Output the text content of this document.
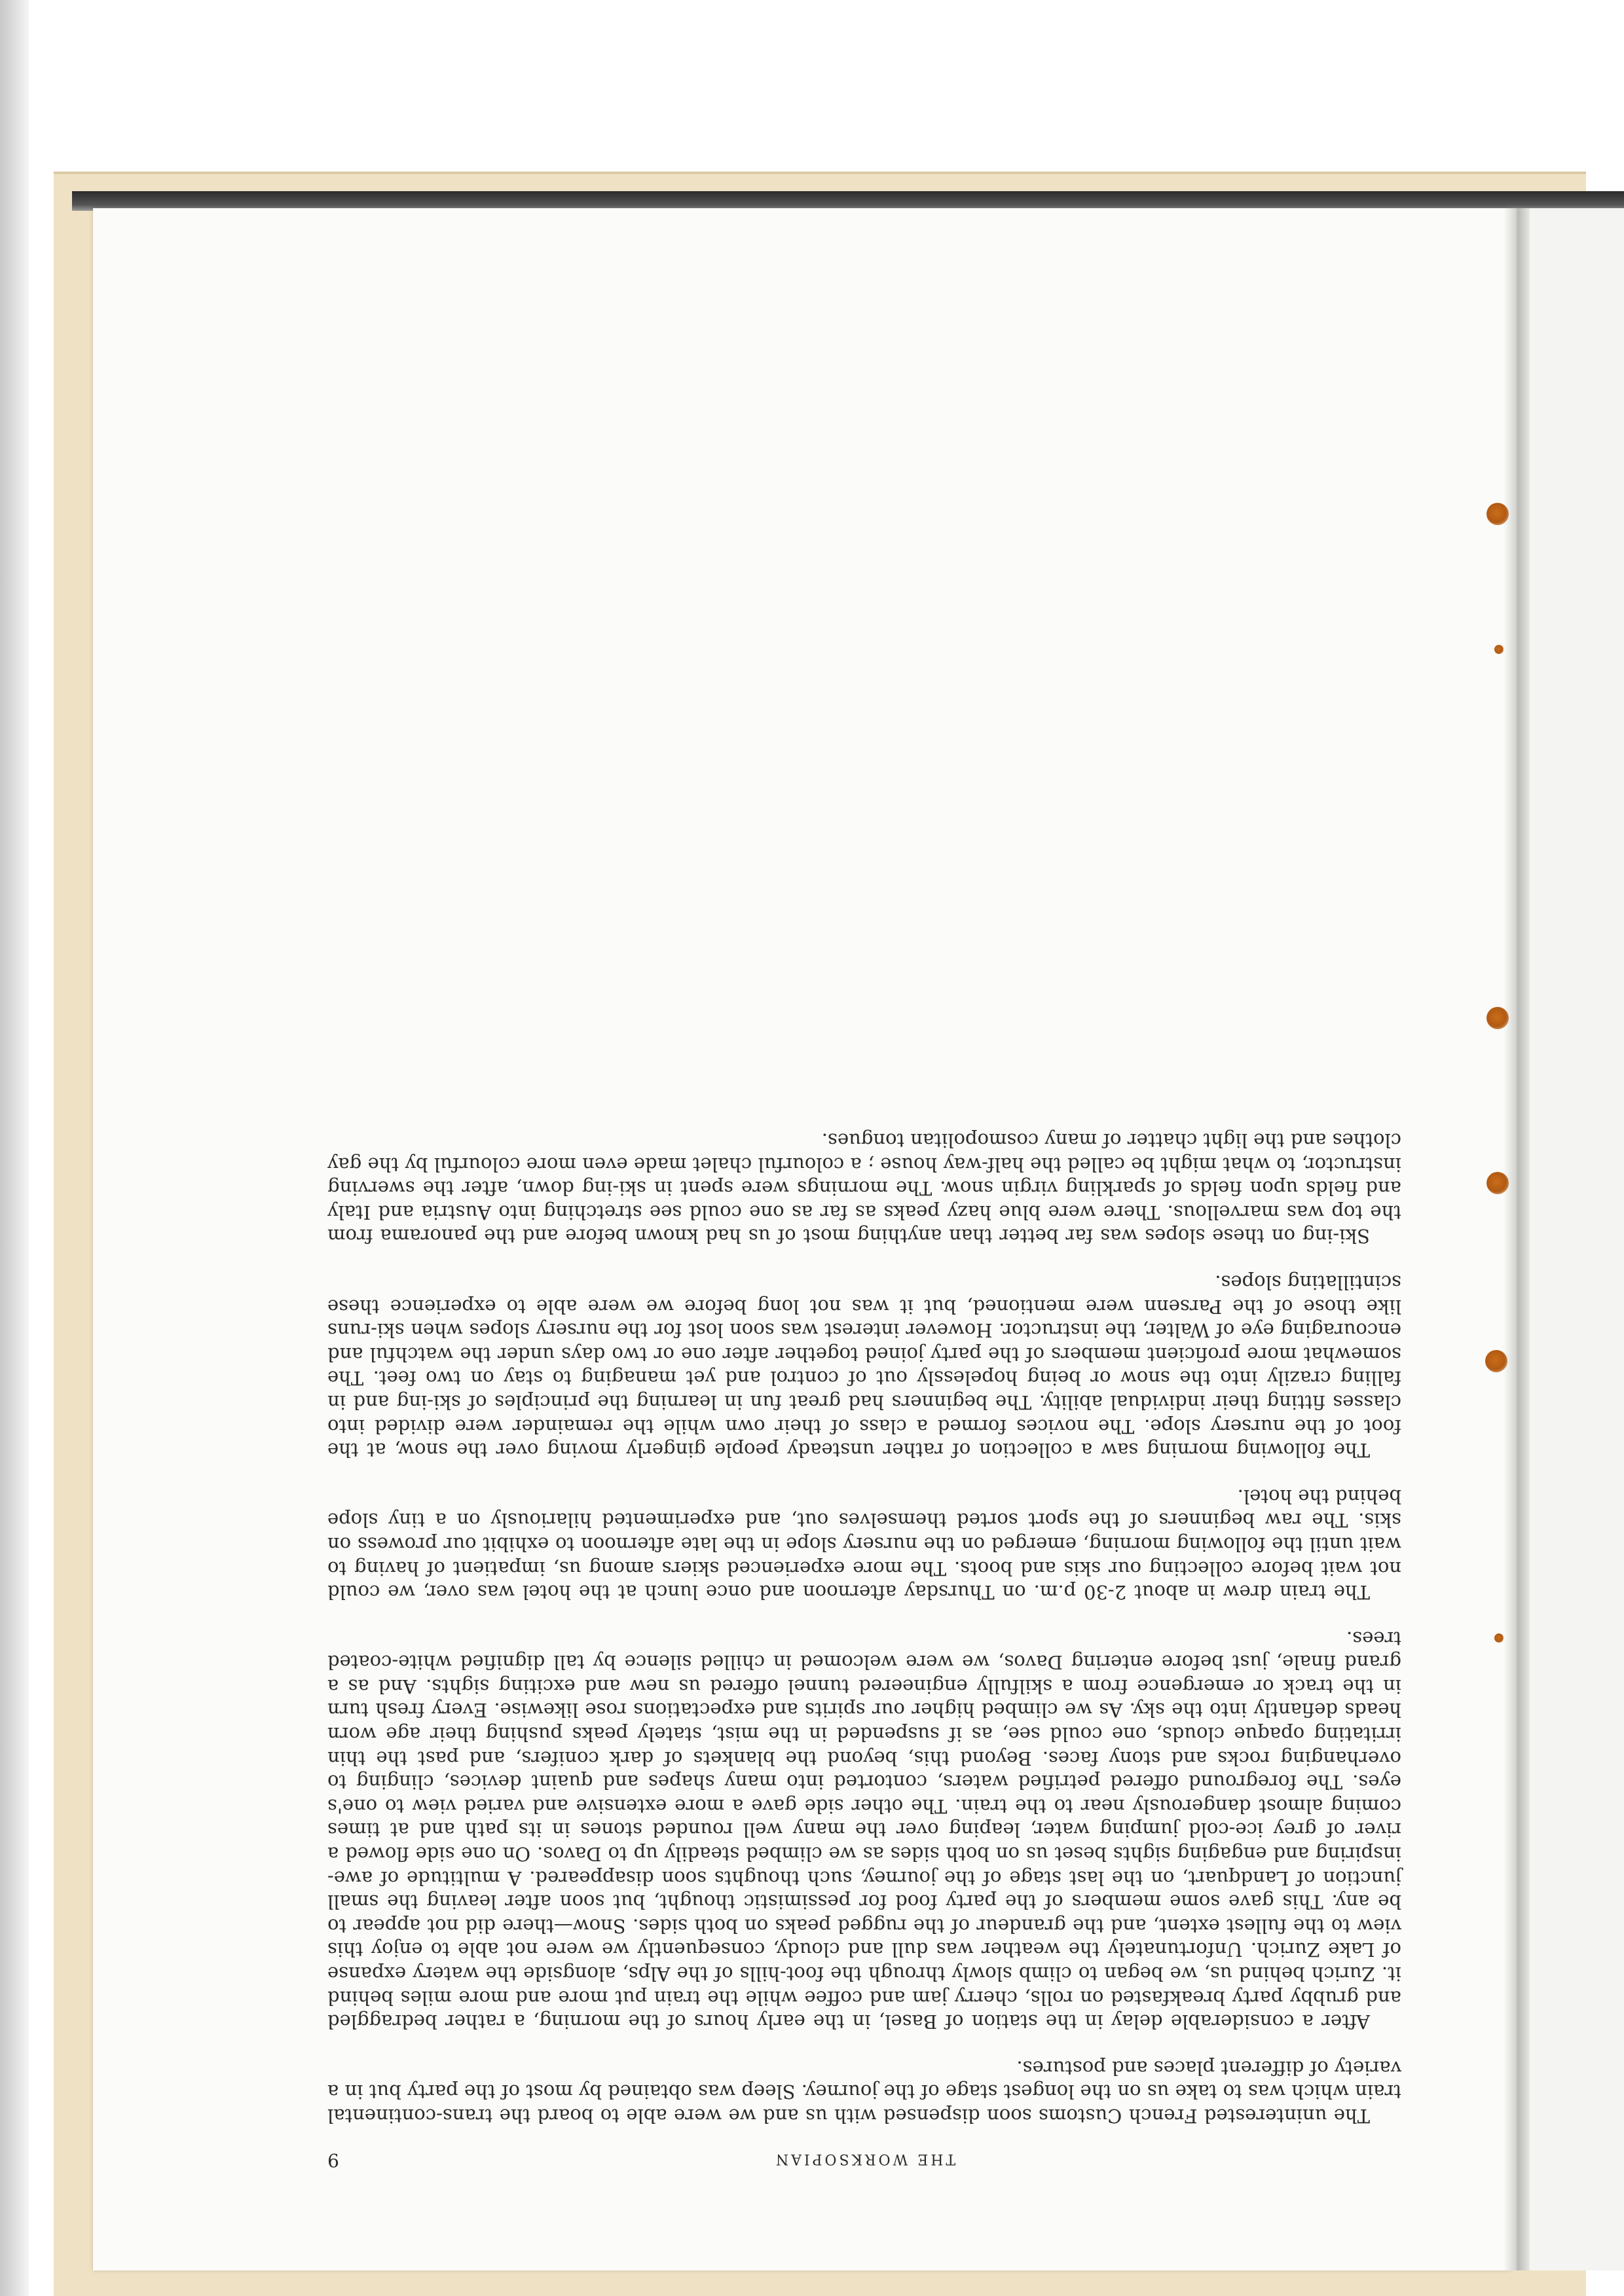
THE WORKSOPIAN
9

The uninterested French Customs soon dispensed with us and we were able to board the trans-continental train which was to take us on the longest stage of the journey. Sleep was obtained by most of the party but in a variety of different places and postures.

After a considerable delay in the station of Basel, in the early hours of the morning, a rather bedraggled and grubby party breakfasted on rolls, cherry jam and coffee while the train put more and more miles behind it. Zurich behind us, we began to climb slowly through the foot-hills of the Alps, alongside the watery expanse of Lake Zurich. Unfortunately the weather was dull and cloudy, consequently we were not able to enjoy this view to the fullest extent, and the grandeur of the rugged peaks on both sides. Snow—there did not appear to be any. This gave some members of the party food for pessimistic thought, but soon after leaving the small junction of Landquart, on the last stage of the journey, such thoughts soon disappeared. A multitude of awe-inspiring and engaging sights beset us on both sides as we climbed steadily up to Davos. On one side flowed a river of grey ice-cold jumping water, leaping over the many well rounded stones in its path and at times coming almost dangerously near to the train. The other side gave a more extensive and varied view to one's eyes. The foreground offered petrified waters, contorted into many shapes and quaint devices, clinging to overhanging rocks and stony faces. Beyond this, beyond the blankets of dark conifers, and past the thin irritating opaque clouds, one could see, as if suspended in the mist, stately peaks pushing their age worn heads defiantly into the sky. As we climbed higher our spirits and expectations rose likewise. Every fresh turn in the track or emergence from a skilfully engineered tunnel offered us new and exciting sights. And as a grand finale, just before entering Davos, we were welcomed in chilled silence by tall dignified white-coated trees.

The train drew in about 2-30 p.m. on Thursday afternoon and once lunch at the hotel was over, we could not wait before collecting our skis and boots. The more experienced skiers among us, impatient of having to wait until the following morning, emerged on the nursery slope in the late afternoon to exhibit our prowess on skis. The raw beginners of the sport sorted themselves out, and experimented hilariously on a tiny slope behind the hotel.

The following morning saw a collection of rather unsteady people gingerly moving over the snow, at the foot of the nursery slope. The novices formed a class of their own while the remainder were divided into classes fitting their individual ability. The beginners had great fun in learning the principles of ski-ing and in falling crazily into the snow or being hopelessly out of control and yet managing to stay on two feet. The somewhat more proficient members of the party joined together after one or two days under the watchful and encouraging eye of Walter, the instructor. However interest was soon lost for the nursery slopes when ski-runs like those of the Parsenn were mentioned, but it was not long before we were able to experience these scintillating slopes.

Ski-ing on these slopes was far better than anything most of us had known before and the panorama from the top was marvellous. There were blue hazy peaks as far as one could see stretching into Austria and Italy and fields upon fields of sparkling virgin snow. The mornings were spent in ski-ing down, after the swerving instructor, to what might be called the half-way house ; a colourful chalet made even more colourful by the gay clothes and the light chatter of many cosmopolitan tongues.
